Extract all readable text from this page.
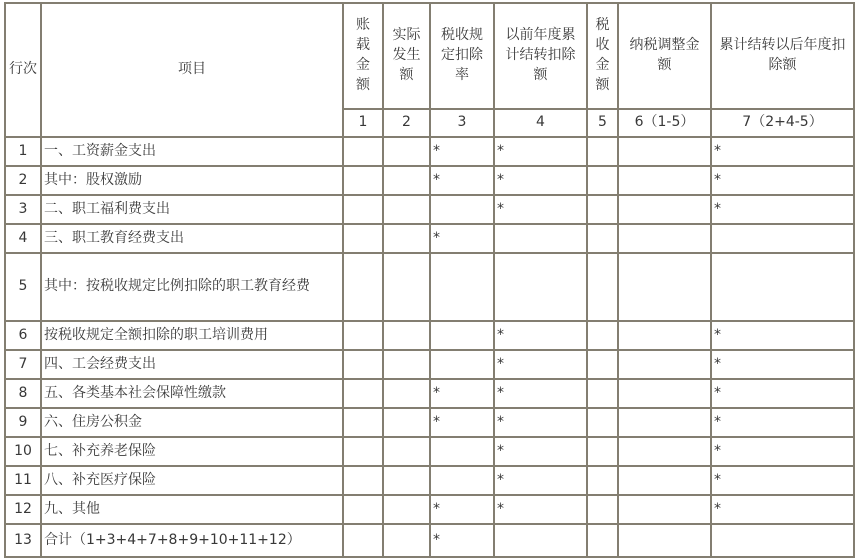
行次	项目	账载金额	实际发生额	税收规定扣除率	以前年度累计结转扣除额	税收金额	纳税调整金额	累计结转以后年度扣除额
		1	2	3	4	5	6（1-5）	7（2+4-5）
1	一、工资薪金支出			*	*			*
2	其中：股权激励			*	*			*
3	二、职工福利费支出				*			*
4	三、职工教育经费支出			*				
5	其中：按税收规定比例扣除的职工教育经费							
6	按税收规定全额扣除的职工培训费用				*			*
7	四、工会经费支出				*			*
8	五、各类基本社会保障性缴款			*	*			*
9	六、住房公积金			*	*			*
10	七、补充养老保险				*			*
11	八、补充医疗保险				*			*
12	九、其他			*	*			*
13	合计（1+3+4+7+8+9+10+11+12）			*				
